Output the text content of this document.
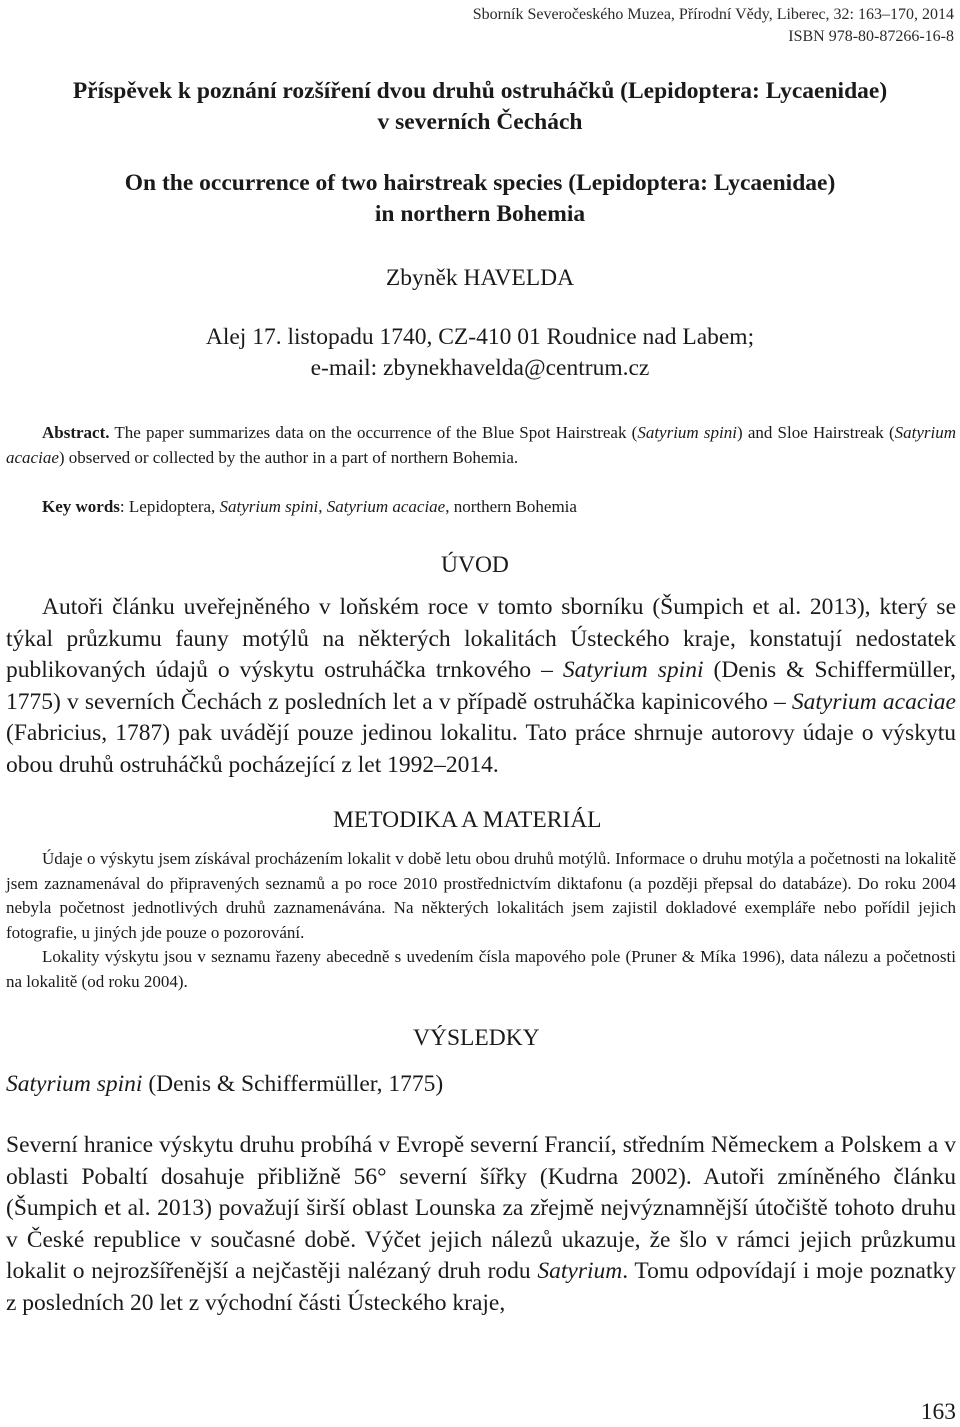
Sborník Severočeského Muzea, Přírodní Vědy, Liberec, 32: 163–170, 2014
ISBN 978-80-87266-16-8
Příspěvek k poznání rozšíření dvou druhů ostruháčků (Lepidoptera: Lycaenidae)
v severních Čechách
On the occurrence of two hairstreak species (Lepidoptera: Lycaenidae)
in northern Bohemia
Zbyněk HAVELDA
Alej 17. listopadu 1740, CZ-410 01 Roudnice nad Labem;
e-mail: zbynekhavelda@centrum.cz
Abstract. The paper summarizes data on the occurrence of the Blue Spot Hairstreak (Satyrium spini) and Sloe Hairstreak (Satyrium acaciae) observed or collected by the author in a part of northern Bohemia.
Key words: Lepidoptera, Satyrium spini, Satyrium acaciae, northern Bohemia
ÚVOD
Autoři článku uveřejněného v loňském roce v tomto sborníku (Šumpich et al. 2013), který se týkal průzkumu fauny motýlů na některých lokalitách Ústeckého kraje, konstatují nedostatek publikovaných údajů o výskytu ostruháčka trnkového – Satyrium spini (Denis & Schiffermüller, 1775) v severních Čechách z posledních let a v případě ostruháčka kapinicového – Satyrium acaciae (Fabricius, 1787) pak uvádějí pouze jedinou lokalitu. Tato práce shrnuje autorovy údaje o výskytu obou druhů ostruháčků pocházející z let 1992–2014.
METODIKA A MATERIÁL
Údaje o výskytu jsem získával procházením lokalit v době letu obou druhů motýlů. Informace o druhu motýla a početnosti na lokalitě jsem zaznamenával do připravených seznamů a po roce 2010 prostřednictvím diktafonu (a později přepsal do databáze). Do roku 2004 nebyla početnost jednotlivých druhů zaznamenávána. Na některých lokalitách jsem zajistil dokladové exempláře nebo pořídil jejich fotografie, u jiných jde pouze o pozorování.
Lokality výskytu jsou v seznamu řazeny abecedně s uvedením čísla mapového pole (Pruner & Míka 1996), data nálezu a početnosti na lokalitě (od roku 2004).
VÝSLEDKY
Satyrium spini (Denis & Schiffermüller, 1775)
Severní hranice výskytu druhu probíhá v Evropě severní Francií, středním Německem a Polskem a v oblasti Pobaltí dosahuje přibližně 56° severní šířky (Kudrna 2002). Autoři zmíněného článku (Šumpich et al. 2013) považují širší oblast Lounska za zřejmě nejvýznamnější útočiště tohoto druhu v České republice v současné době. Výčet jejich nálezů ukazuje, že šlo v rámci jejich průzkumu lokalit o nejrozšířenější a nejčastěji nalézaný druh rodu Satyrium. Tomu odpovídají i moje poznatky z posledních 20 let z východní části Ústeckého kraje,
163
